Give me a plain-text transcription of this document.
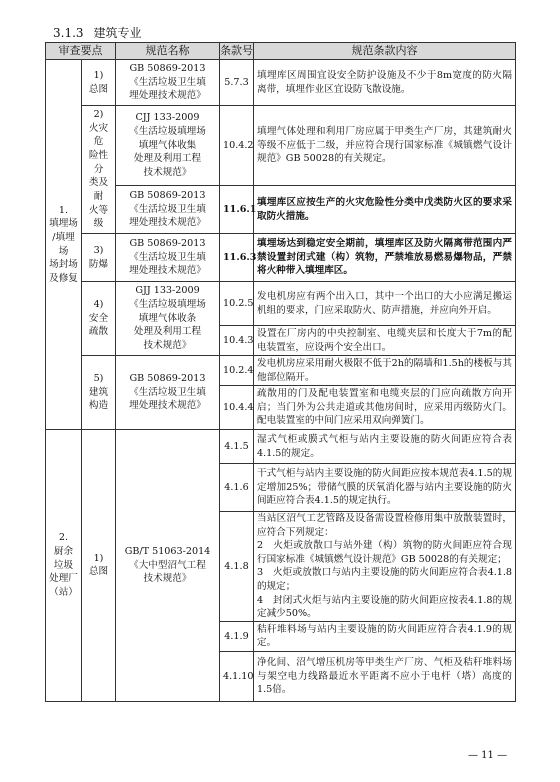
3.1.3 建筑专业
审查要点		规范名称	条款号	规范条款内容
1.
填埋场
/填埋场
场封场
及修复	1)
总图	GB 50869-2013
《生活垃圾卫生填
埋处理技术规范》	5.7.3	填埋库区周围宜设安全防护设施及不少于8m宽度的防火隔离带，填埋作业区宜设防飞散设施。
	2)
火灾危
险性分
类及耐
火等级	CJJ 133-2009
《生活垃圾填埋场
填埋气体收集
处理及利用工程
技术规范》	10.4.2	填埋气体处理和利用厂房应属于甲类生产厂房，其建筑耐火等级不应低于二级，并应符合现行国家标准《城镇燃气设计规范》GB 50028的有关规定。
		GB 50869-2013
《生活垃圾卫生填
埋处理技术规范》	11.6.1	填埋库区应按生产的火灾危险性分类中戊类防火区的要求采取防火措施。
	3)
防爆	GB 50869-2013
《生活垃圾卫生填
埋处理技术规范》	11.6.3	填埋场达到稳定安全期前，填埋库区及防火隔离带范围内严禁设置封闭式建（构）筑物，严禁堆放易燃易爆物品，严禁将火种带入填埋库区。
	4)
安全
疏散	GJJ 133-2009
《生活垃圾填埋场
填埋气体收条
处理及利用工程
技术规范》	10.2.5	发电机房应有两个出入口，其中一个出口的大小应满足搬运机组的要求，门应采取防火、防声措施，并应向外开启。
			10.4.3	设置在厂房内的中央控制室、电缆夹层和长度大于7m的配电装置室，应设两个安全出口。
	5)
建筑
构造	GB 50869-2013
《生活垃圾卫生填
埋处理技术规范》	10.2.4	发电机房应采用耐火极限不低于2h的隔墙和1.5h的楼板与其他部位隔开。
			10.4.4	疏散用的门及配电装置室和电缆夹层的门应向疏散方向开启；当门外为公共走道或其他房间时，应采用丙级防火门。配电装置室的中间门应采用双向弹簧门。
2.
厨余
垃圾
处理厂
（站）	1)
总图	GB/T 51063-2014
《大中型沼气工程
技术规范》	4.1.5	湿式气柜或膜式气柜与站内主要设施的防火间距应符合表4.1.5的规定。
			4.1.6	干式气柜与站内主要设施的防火间距应按本规范表4.1.5的规定增加25%；带储气膜的厌氧消化器与站内主要设施的防火间距应符合表4.1.5的规定执行。
			4.1.8	当站区沼气工艺管路及设备需设置检修用集中放散装置时，应符合下列规定：
2　火炬或放散口与站外建（构）筑物的防火间距应符合现行国家标准《城镇燃气设计规范》GB 50028的有关规定；
3　火炬或放散口与站内主要设施的防火间距应符合表4.1.8的规定；
4　封闭式火炬与站内主要设施的防火间距应按表4.1.8的规定减少50%。
			4.1.9	秸秆堆料场与站内主要设施的防火间距应符合表4.1.9的规定。
			4.1.10	净化间、沼气增压机房等甲类生产厂房、气柜及秸秆堆料场与架空电力线路最近水平距离不应小于电杆（塔）高度的1.5倍。
— 11 —
